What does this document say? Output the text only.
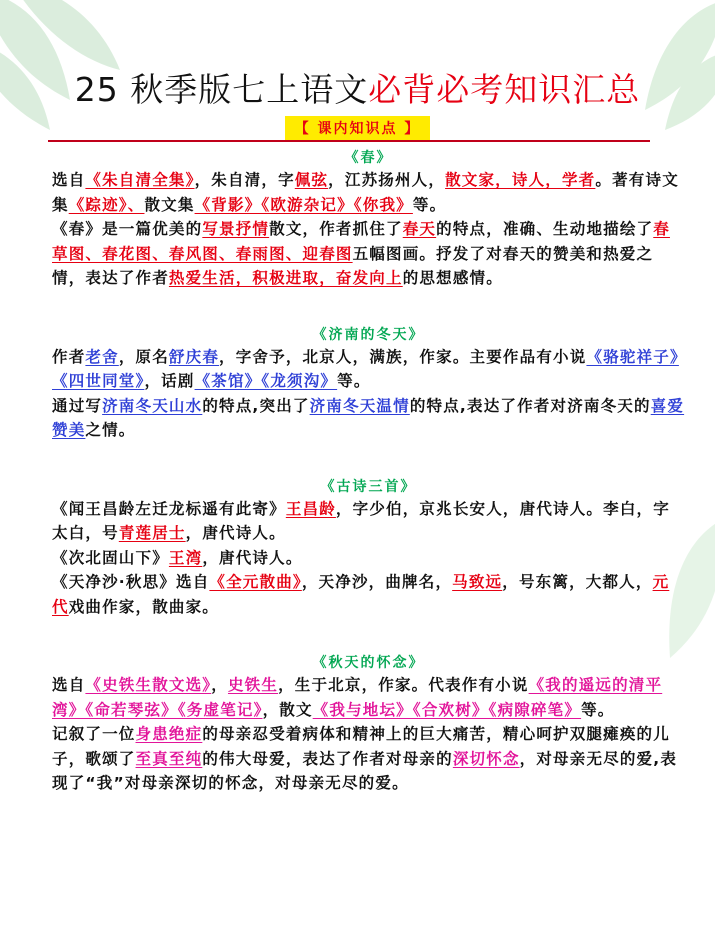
25 秋季版七上语文必背必考知识汇总
【 课内知识点 】
《春》

选自《朱自清全集》，朱自清，字佩弦，江苏扬州人，散文家，诗人，学者。著有诗文集《踪迹》、散文集《背影》《欧游杂记》《你我》等。

《春》是一篇优美的写景抒情散文，作者抓住了春天的特点，准确、生动地描绘了春草图、春花图、春风图、春雨图、迎春图五幅图画。抒发了对春天的赞美和热爱之情，表达了作者热爱生活，积极进取，奋发向上的思想感情。

《济南的冬天》

作者老舍，原名舒庆春，字舍予，北京人，满族，作家。主要作品有小说《骆驼祥子》《四世同堂》，话剧《茶馆》《龙须沟》等。

通过写济南冬天山水的特点,突出了济南冬天温情的特点,表达了作者对济南冬天的喜爱赞美之情。

《古诗三首》

《闻王昌龄左迁龙标遥有此寄》王昌龄，字少伯，京兆长安人，唐代诗人。李白，字太白，号青莲居士，唐代诗人。

《次北固山下》王湾，唐代诗人。

《天净沙·秋思》选自《全元散曲》，天净沙，曲牌名，马致远，号东篱，大都人，元代戏曲作家，散曲家。

《秋天的怀念》

选自《史铁生散文选》，史铁生，生于北京，作家。代表作有小说《我的遥远的清平湾》《命若琴弦》《务虚笔记》，散文《我与地坛》《合欢树》《病隙碎笔》等。

记叙了一位身患绝症的母亲忍受着病体和精神上的巨大痛苦，精心呵护双腿瘫痪的儿子，歌颂了至真至纯的伟大母爱，表达了作者对母亲的深切怀念，对母亲无尽的爱,表现了“我”对母亲深切的怀念，对母亲无尽的爱。
